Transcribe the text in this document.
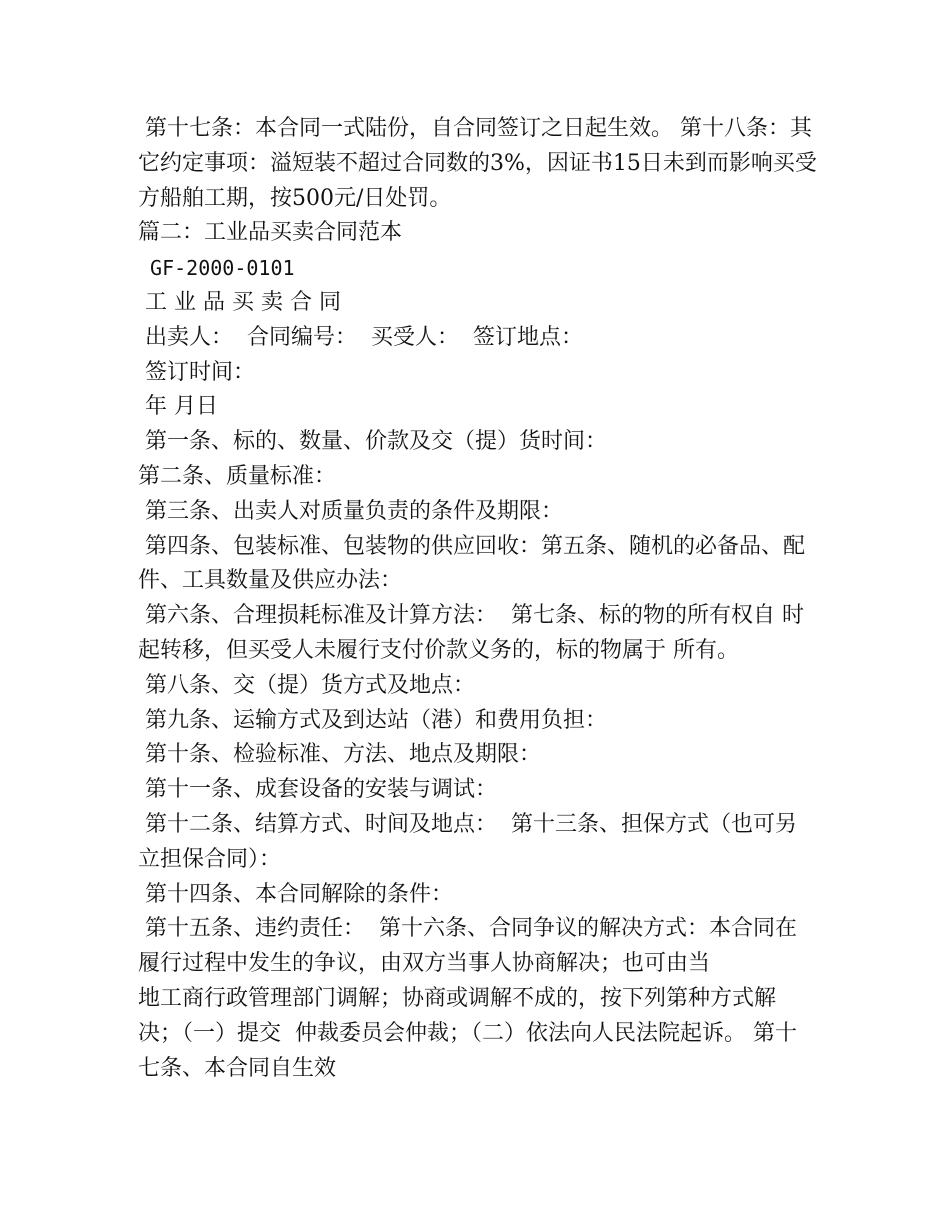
第十七条：本合同一式陆份，自合同签订之日起生效。 第十八条：其它约定事项：溢短装不超过合同数的3%，因证书15日未到而影响买受方船舶工期，按500元/日处罚。

篇二：工业品买卖合同范本

GF-2000-0101

工 业 品 买 卖 合 同

出卖人：  合同编号：  买受人：  签订地点：

签订时间：

年 月日

第一条、标的、数量、价款及交（提）货时间：

第二条、质量标准：

第三条、出卖人对质量负责的条件及期限：

第四条、包装标准、包装物的供应回收：第五条、随机的必备品、配件、工具数量及供应办法：

第六条、合理损耗标准及计算方法：  第七条、标的物的所有权自 时起转移，但买受人未履行支付价款义务的，标的物属于 所有。

第八条、交（提）货方式及地点：

第九条、运输方式及到达站（港）和费用负担：

第十条、检验标准、方法、地点及期限：

第十一条、成套设备的安装与调试：

第十二条、结算方式、时间及地点：  第十三条、担保方式（也可另立担保合同）：

第十四条、本合同解除的条件：

第十五条、违约责任：  第十六条、合同争议的解决方式：本合同在履行过程中发生的争议，由双方当事人协商解决；也可由当

地工商行政管理部门调解；协商或调解不成的，按下列第种方式解决；（一）提交  仲裁委员会仲裁；（二）依法向人民法院起诉。 第十七条、本合同自生效
